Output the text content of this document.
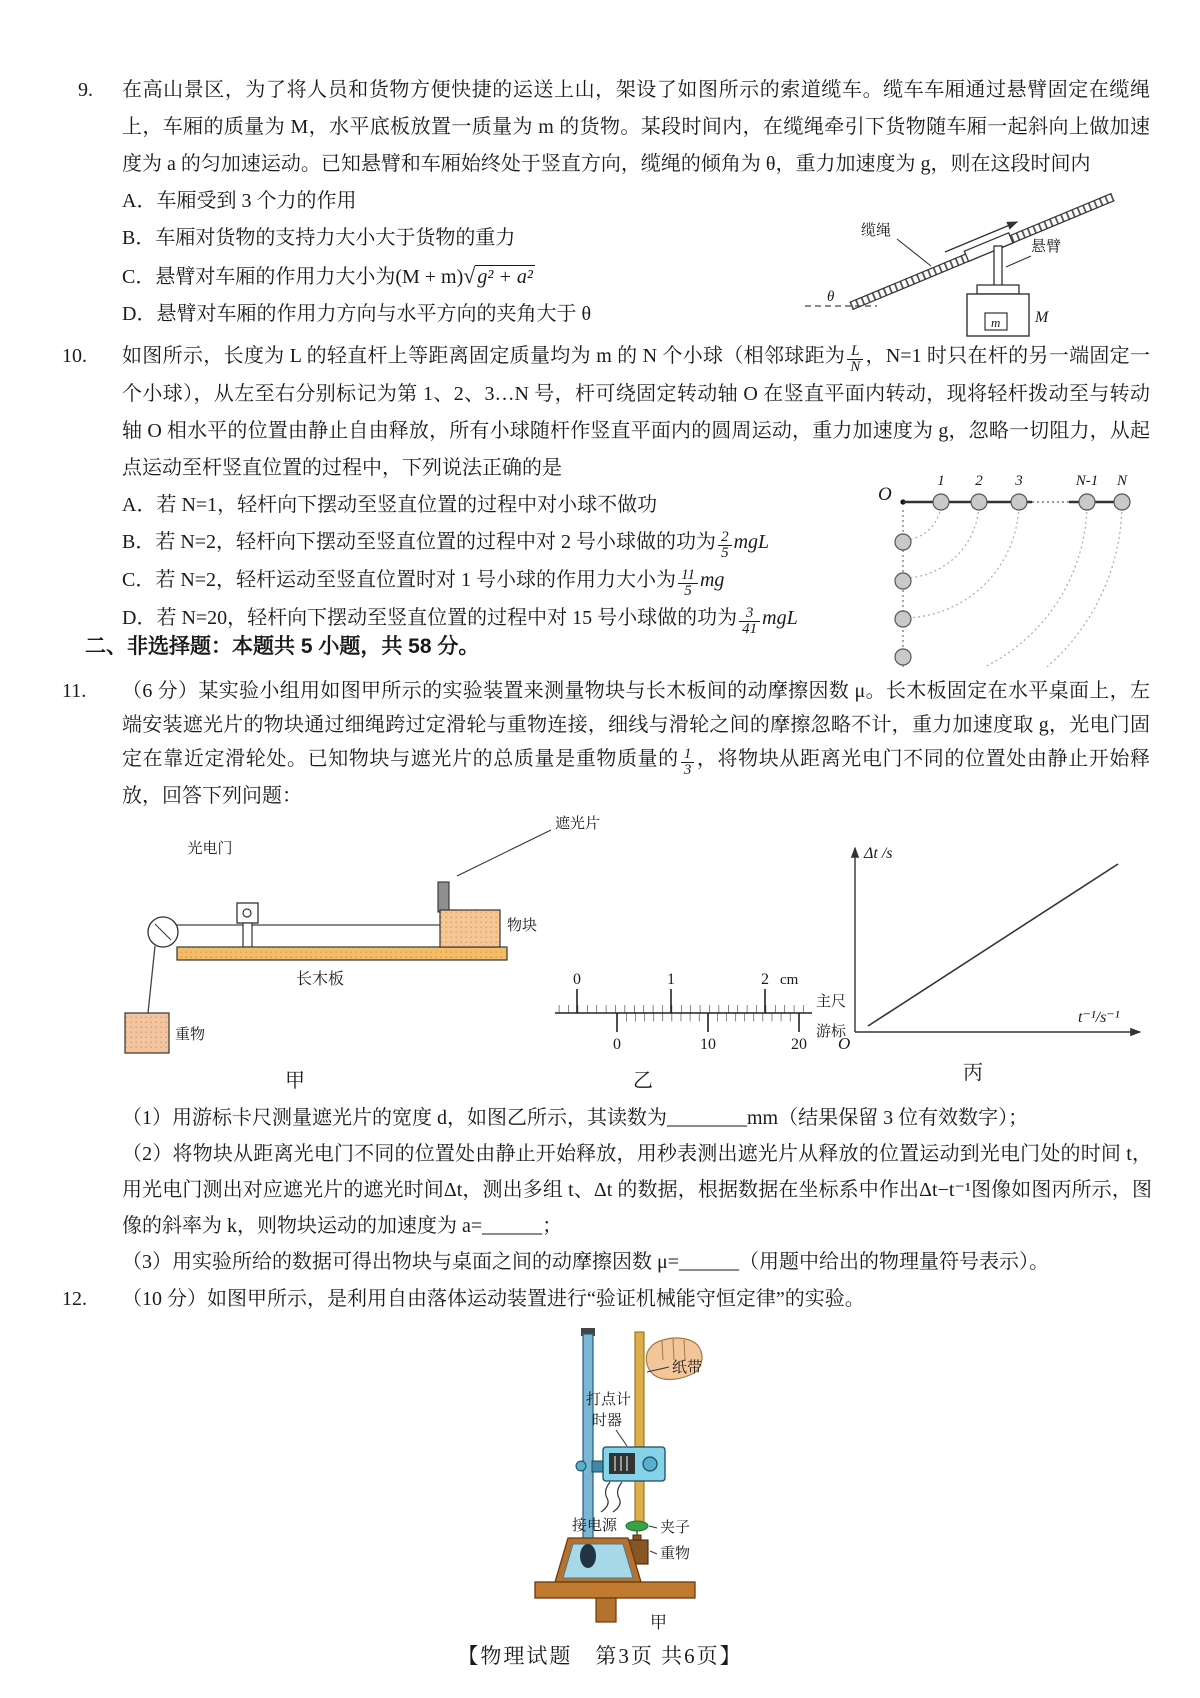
9. 在高山景区，为了将人员和货物方便快捷的运送上山，架设了如图所示的索道缆车。缆车车厢通过悬臂固定在缆绳上，车厢的质量为 M，水平底板放置一质量为 m 的货物。某段时间内，在缆绳牵引下货物随车厢一起斜向上做加速度为 a 的匀加速运动。已知悬臂和车厢始终处于竖直方向，缆绳的倾角为 θ，重力加速度为 g，则在这段时间内

A．车厢受到 3 个力的作用
B．车厢对货物的支持力大小大于货物的重力
C．悬臂对车厢的作用力大小为(M + m)√ g² + a²
D．悬臂对车厢的作用力方向与水平方向的夹角大于 θ
θ
m M
缆绳
悬臂
10. 如图所示，长度为 L 的轻直杆上等距离固定质量均为 m 的 N 个小球（相邻球距为 $\frac{L}{N}$ ，N=1 时只在杆的另一端固定一个小球），从左至右分别标记为第 1、2、3…N 号，杆可绕固定转动轴 O 在竖直平面内转动，现将轻杆拨动至与转动轴 O 相水平的位置由静止自由释放，所有小球随杆作竖直平面内的圆周运动，重力加速度为 g，忽略一切阻力，从起点运动至杆竖直位置的过程中，下列说法正确的是

A．若 N=1，轻杆向下摆动至竖直位置的过程中对小球不做功
B．若 N=2，轻杆向下摆动至竖直位置的过程中对 2 号小球做的功为 $\frac{2}{5}$ mgL
C．若 N=2，轻杆运动至竖直位置时对 1 号小球的作用力大小为 $\frac{11}{5}$ mg
D．若 N=20，轻杆向下摆动至竖直位置的过程中对 15 号小球做的功为 $\frac{3}{41}$ mgL
O
1 2 3	N-1 N
二、非选择题：本题共 5 小题，共 58 分。
11. （6 分）某实验小组用如图甲所示的实验装置来测量物块与长木板间的动摩擦因数 μ。长木板固定在水平桌面上，左端安装遮光片的物块通过细绳跨过定滑轮与重物连接，细线与滑轮之间的摩擦忽略不计，重力加速度取 g，光电门固定在靠近定滑轮处。已知物块与遮光片的总质量是重物质量的 $\frac{1}{3}$ ，将物块从距离光电门不同的位置处由静止开始释放，回答下列问题：

光电门
长木板
遮光片
物块
重物
0	1	2 cm
0	10	20
主尺
游标
Δt /s
t⁻¹/s⁻¹
O
甲	乙	丙
（1）用游标卡尺测量遮光片的宽度 d，如图乙所示，其读数为________mm（结果保留 3 位有效数字）；
（2）将物块从距离光电门不同的位置处由静止开始释放，用秒表测出遮光片从释放的位置运动到光电门处的时间 t，用光电门测出对应遮光片的遮光时间Δt，测出多组 t、Δt 的数据，根据数据在坐标系中作出Δt−t⁻¹图像如图丙所示，图像的斜率为 k，则物块运动的加速度为 a=______；
（3）用实验所给的数据可得出物块与桌面之间的动摩擦因数 μ=______（用题中给出的物理量符号表示）。
12. （10 分）如图甲所示，是利用自由落体运动装置进行“验证机械能守恒定律”的实验。

纸带
打点计
时器
接电源	夹子
重物
甲
【物理试题　第3页 共6页】
